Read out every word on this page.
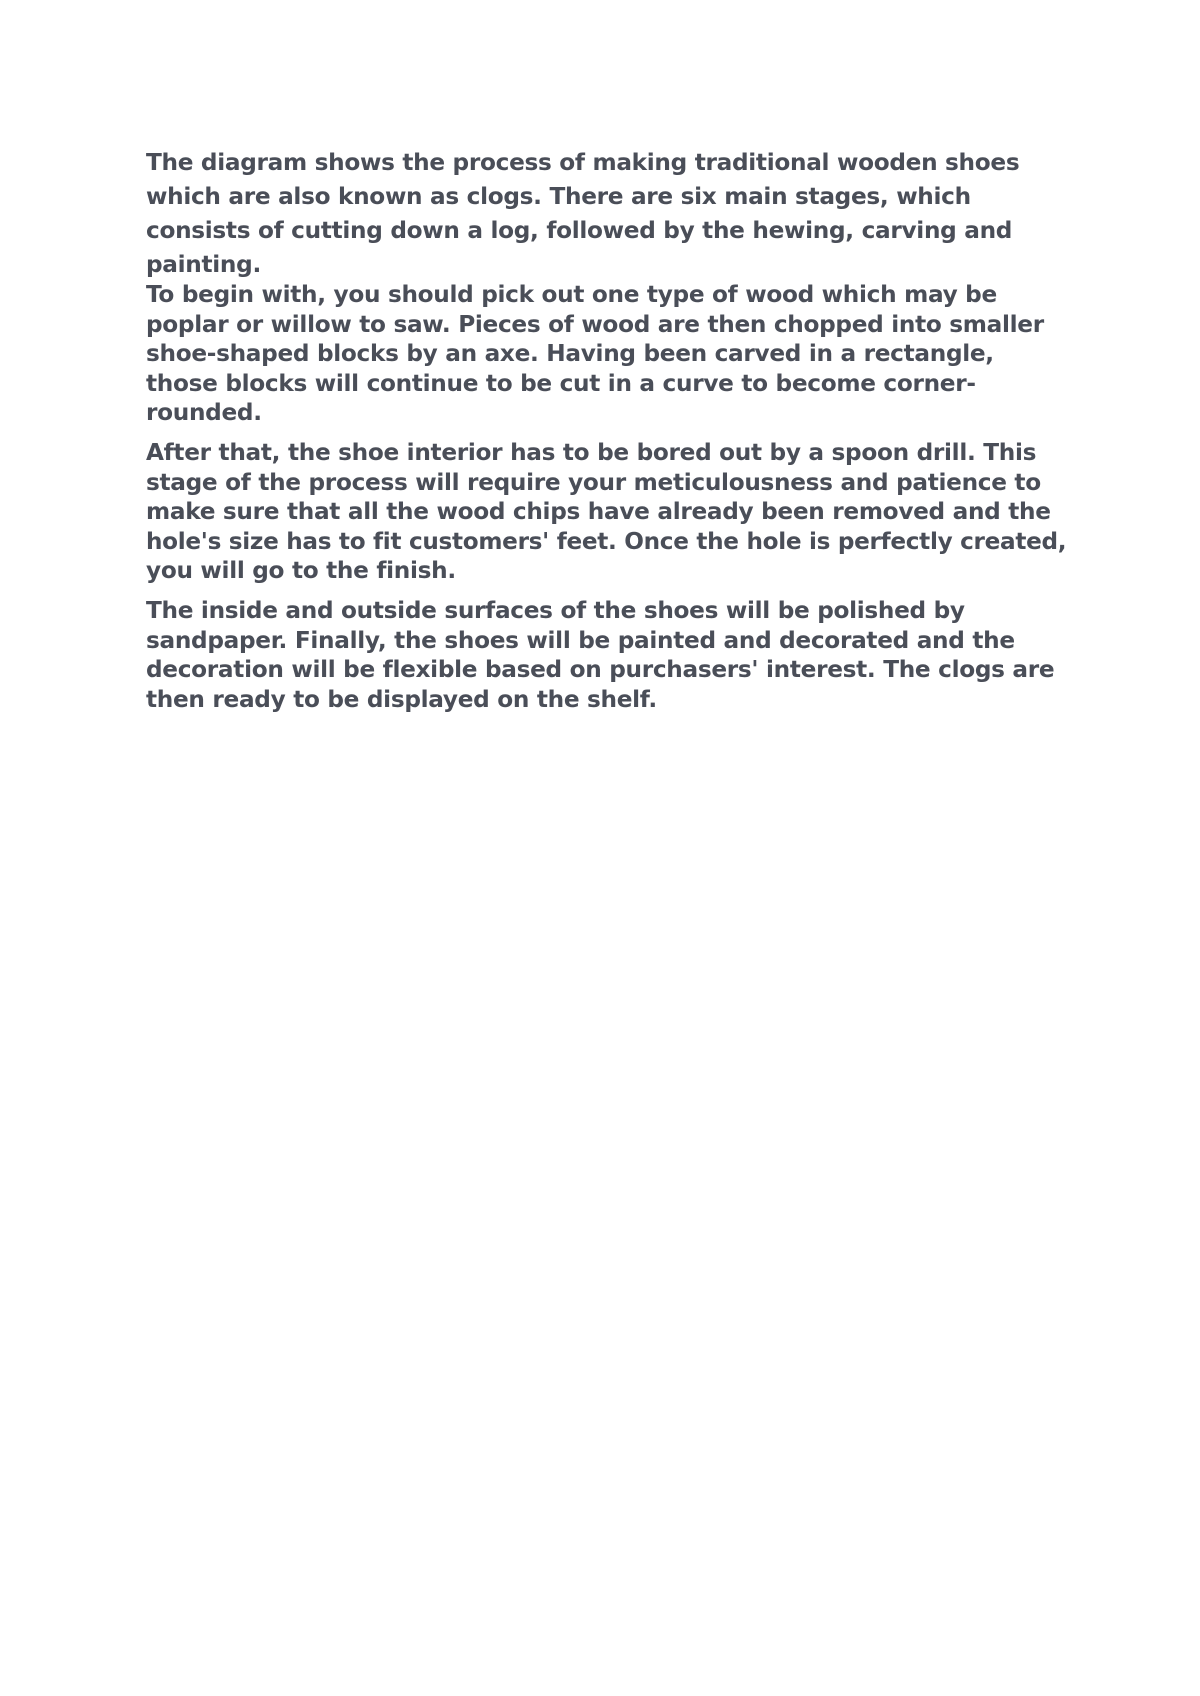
The diagram shows the process of making traditional wooden shoes
which are also known as clogs. There are six main stages, which
consists of cutting down a log, followed by the hewing, carving and
painting.

To begin with, you should pick out one type of wood which may be
poplar or willow to saw. Pieces of wood are then chopped into smaller
shoe-shaped blocks by an axe. Having been carved in a rectangle,
those blocks will continue to be cut in a curve to become corner-
rounded.

After that, the shoe interior has to be bored out by a spoon drill. This
stage of the process will require your meticulousness and patience to
make sure that all the wood chips have already been removed and the
hole's size has to fit customers' feet. Once the hole is perfectly created,
you will go to the finish.

The inside and outside surfaces of the shoes will be polished by
sandpaper. Finally, the shoes will be painted and decorated and the
decoration will be flexible based on purchasers' interest. The clogs are
then ready to be displayed on the shelf.
